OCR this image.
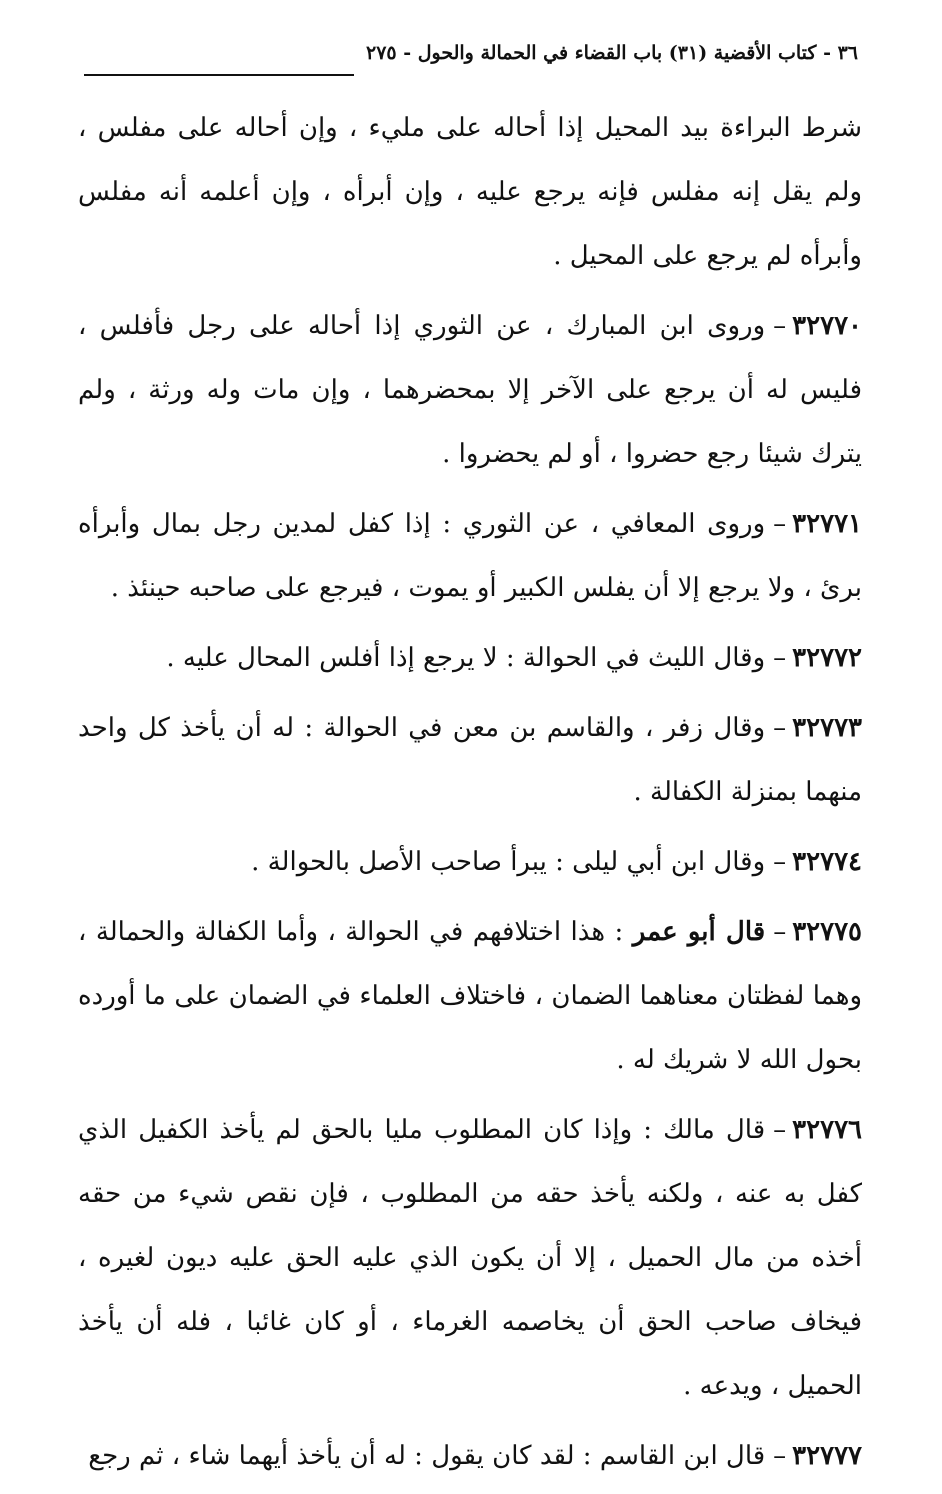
٣٦ - كتاب الأقضية (٣١) باب القضاء في الحمالة والحول - ٢٧٥

شرط البراءة بيد المحيل إذا أحاله على مليء ، وإن أحاله على مفلس ، ولم يقل إنه مفلس فإنه يرجع عليه ، وإن أبرأه ، وإن أعلمه أنه مفلس وأبرأه لم يرجع على المحيل .

٣٢٧٧٠–وروى ابن المبارك ، عن الثوري إذا أحاله على رجل فأفلس ، فليس له أن يرجع على الآخر إلا بمحضرهما ، وإن مات وله ورثة ، ولم يترك شيئا رجع حضروا ، أو لم يحضروا .

٣٢٧٧١–وروى المعافي ، عن الثوري : إذا كفل لمدين رجل بمال وأبرأه برئ ، ولا يرجع إلا أن يفلس الكبير أو يموت ، فيرجع على صاحبه حينئذ .

٣٢٧٧٢–وقال الليث في الحوالة : لا يرجع إذا أفلس المحال عليه .

٣٢٧٧٣–وقال زفر ، والقاسم بن معن في الحوالة : له أن يأخذ كل واحد منهما بمنزلة الكفالة .

٣٢٧٧٤–وقال ابن أبي ليلى : يبرأ صاحب الأصل بالحوالة .

٣٢٧٧٥–قال أبو عمر : هذا اختلافهم في الحوالة ، وأما الكفالة والحمالة ، وهما لفظتان معناهما الضمان ، فاختلاف العلماء في الضمان على ما أورده بحول الله لا شريك له .

٣٢٧٧٦–قال مالك : وإذا كان المطلوب مليا بالحق لم يأخذ الكفيل الذي كفل به عنه ، ولكنه يأخذ حقه من المطلوب ، فإن نقص شيء من حقه أخذه من مال الحميل ، إلا أن يكون الذي عليه الحق عليه ديون لغيره ، فيخاف صاحب الحق أن يخاصمه الغرماء ، أو كان غائبا ، فله أن يأخذ الحميل ، ويدعه .

٣٢٧٧٧–قال ابن القاسم : لقد كان يقول : له أن يأخذ أيهما شاء ، ثم رجع
